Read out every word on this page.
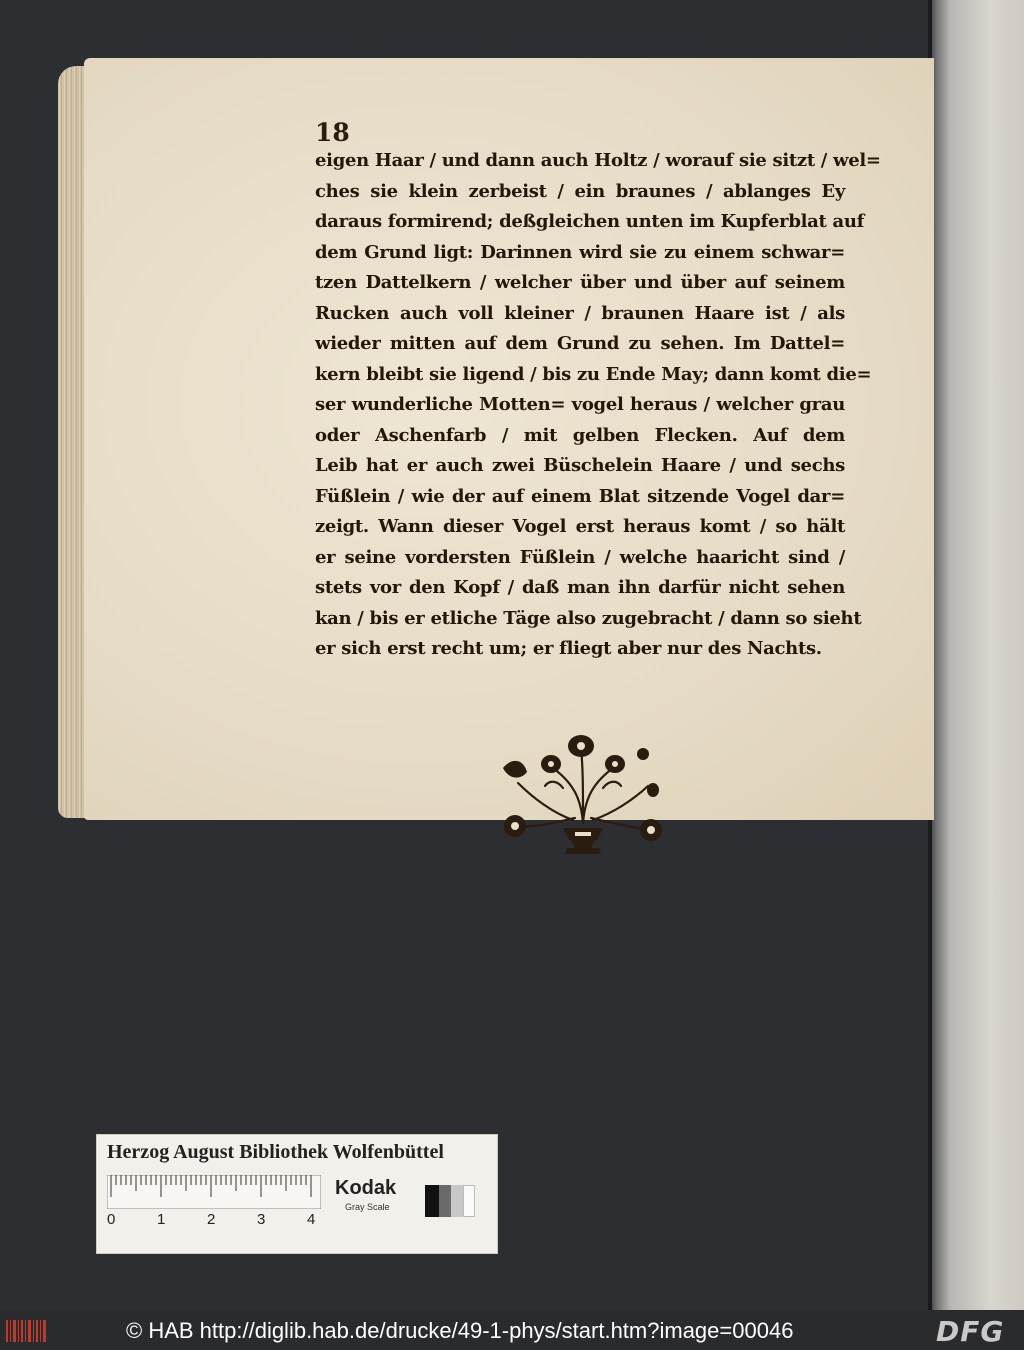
18
eigen Haar / und dann auch Holtz / worauf sie sitzt / wel=
ches sie klein zerbeist / ein braunes / ablanges Ey
daraus formirend; deßgleichen unten im Kupferblat auf
dem Grund ligt: Darinnen wird sie zu einem schwar=
tzen Dattelkern / welcher über und über auf seinem
Rucken auch voll kleiner / braunen Haare ist / als
wieder mitten auf dem Grund zu sehen. Im Dattel=
kern bleibt sie ligend / bis zu Ende May; dann komt die=
ser wunderliche Motten= vogel heraus / welcher grau
oder Aschenfarb / mit gelben Flecken. Auf dem
Leib hat er auch zwei Büschelein Haare / und sechs
Füßlein / wie der auf einem Blat sitzende Vogel dar=
zeigt. Wann dieser Vogel erst heraus komt / so hält
er seine vordersten Füßlein / welche haaricht sind /
stets vor den Kopf / daß man ihn darfür nicht sehen
kan / bis er etliche Täge also zugebracht / dann so sieht
er sich erst recht um; er fliegt aber nur des Nachts.
Herzog August Bibliothek Wolfenbüttel
0	1	2	3	4
Kodak
Gray Scale
© HAB http://diglib.hab.de/drucke/49-1-phys/start.htm?image=00046	DFG
